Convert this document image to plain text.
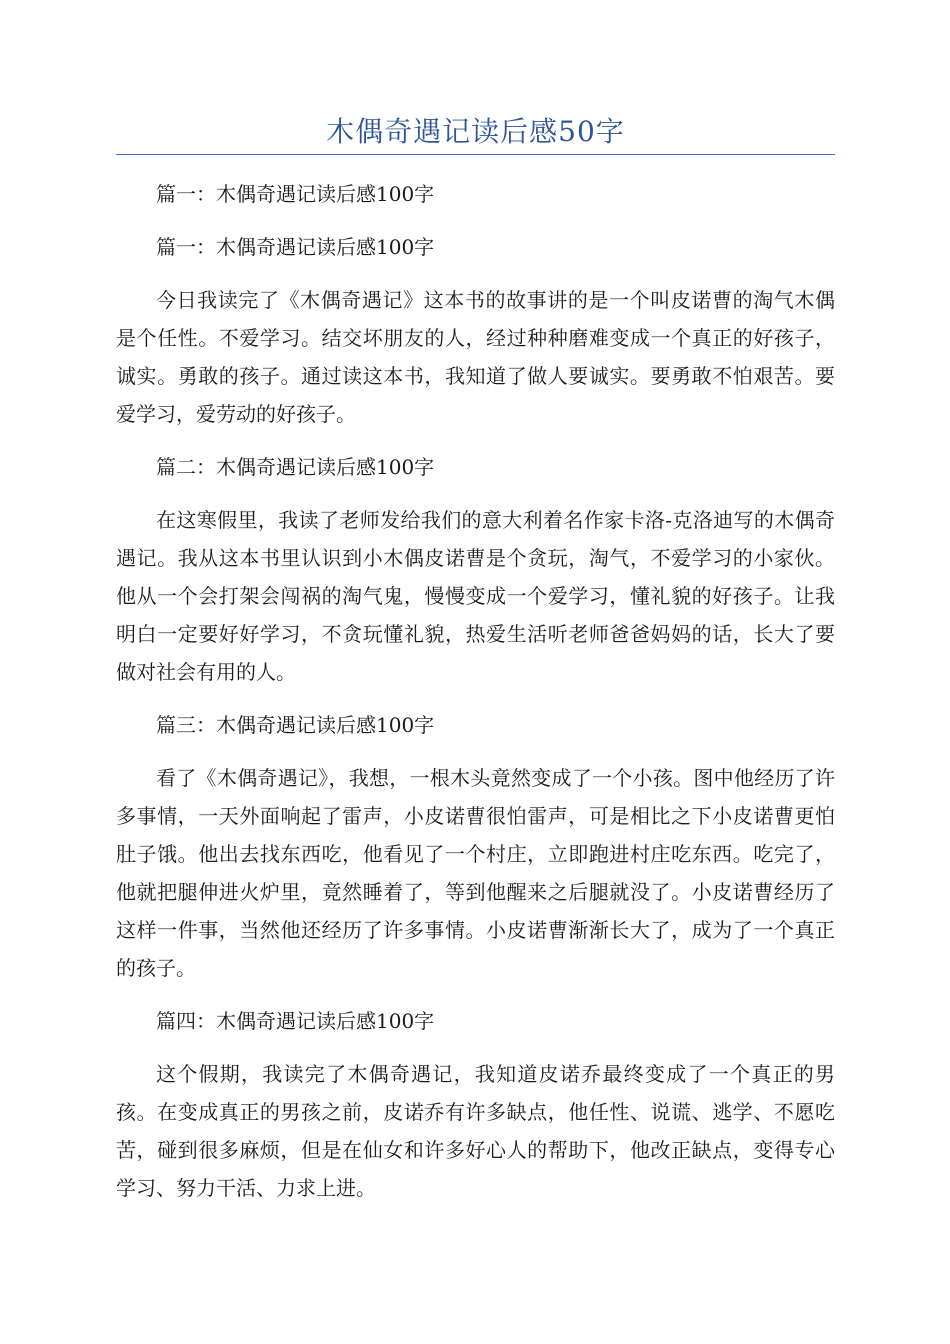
木偶奇遇记读后感50字

篇一：木偶奇遇记读后感100字

篇一：木偶奇遇记读后感100字

今日我读完了《木偶奇遇记》这本书的故事讲的是一个叫皮诺曹的淘气木偶是个任性。不爱学习。结交坏朋友的人，经过种种磨难变成一个真正的好孩子，诚实。勇敢的孩子。通过读这本书，我知道了做人要诚实。要勇敢不怕艰苦。要爱学习，爱劳动的好孩子。

篇二：木偶奇遇记读后感100字

在这寒假里，我读了老师发给我们的意大利着名作家卡洛-克洛迪写的木偶奇遇记。我从这本书里认识到小木偶皮诺曹是个贪玩，淘气，不爱学习的小家伙。他从一个会打架会闯祸的淘气鬼，慢慢变成一个爱学习，懂礼貌的好孩子。让我明白一定要好好学习，不贪玩懂礼貌，热爱生活听老师爸爸妈妈的话，长大了要做对社会有用的人。

篇三：木偶奇遇记读后感100字

看了《木偶奇遇记》，我想，一根木头竟然变成了一个小孩。图中他经历了许多事情，一天外面响起了雷声，小皮诺曹很怕雷声，可是相比之下小皮诺曹更怕肚子饿。他出去找东西吃，他看见了一个村庄，立即跑进村庄吃东西。吃完了，他就把腿伸进火炉里，竟然睡着了，等到他醒来之后腿就没了。小皮诺曹经历了这样一件事，当然他还经历了许多事情。小皮诺曹渐渐长大了，成为了一个真正的孩子。

篇四：木偶奇遇记读后感100字

这个假期，我读完了木偶奇遇记，我知道皮诺乔最终变成了一个真正的男孩。在变成真正的男孩之前，皮诺乔有许多缺点，他任性、说谎、逃学、不愿吃苦，碰到很多麻烦，但是在仙女和许多好心人的帮助下，他改正缺点，变得专心学习、努力干活、力求上进。
